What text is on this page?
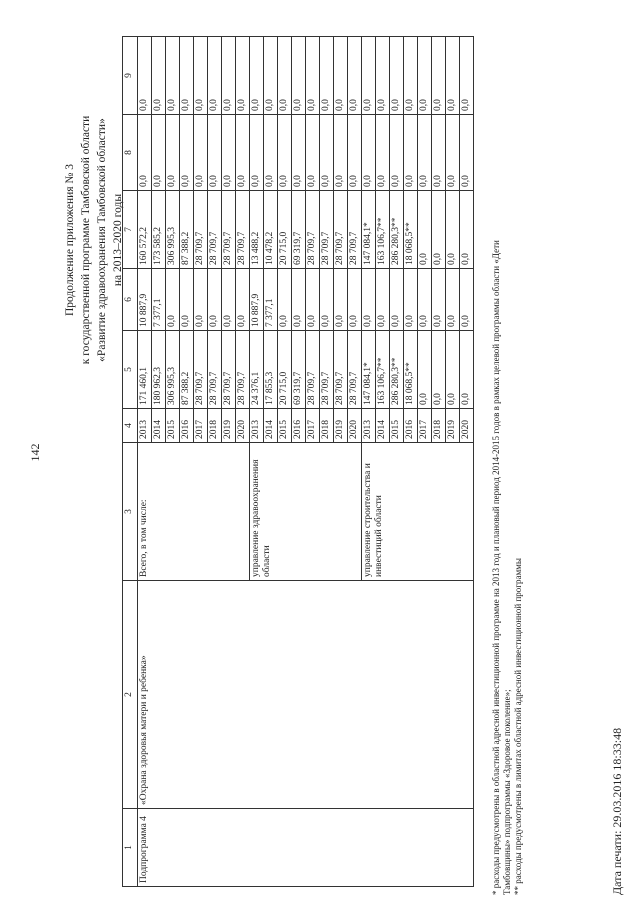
142
Продолжение приложения № 3 к государственной программе Тамбовской области «Развитие здравоохранения Тамбовской области» на 2013–2020 годы
1	2	3	4	5	6	7	8	9
Подпрограмма 4	«Охрана здоровья матери и ребенка»	Всего, в том числе:	2013	171 460,1	10 887,9	160 572,2	0,0	0,0
			2014	180 962,3	7 377,1	173 585,2	0,0	0,0
			2015	306 995,3	0,0	306 995,3	0,0	0,0
			2016	87 388,2	0,0	87 388,2	0,0	0,0
			2017	28 709,7	0,0	28 709,7	0,0	0,0
			2018	28 709,7	0,0	28 709,7	0,0	0,0
			2019	28 709,7	0,0	28 709,7	0,0	0,0
			2020	28 709,7	0,0	28 709,7	0,0	0,0
		управление здравоохранения области	2013	24 376,1	10 887,9	13 488,2	0,0	0,0
			2014	17 855,3	7 377,1	10 478,2	0,0	0,0
			2015	20 715,0	0,0	20 715,0	0,0	0,0
			2016	69 319,7	0,0	69 319,7	0,0	0,0
			2017	28 709,7	0,0	28 709,7	0,0	0,0
			2018	28 709,7	0,0	28 709,7	0,0	0,0
			2019	28 709,7	0,0	28 709,7	0,0	0,0
			2020	28 709,7	0,0	28 709,7	0,0	0,0
		управление строительства и инвестиций области	2013	147 084,1*	0,0	147 084,1*	0,0	0,0
			2014	163 106,7**	0,0	163 106,7**	0,0	0,0
			2015	286 280,3**	0,0	286 280,3**	0,0	0,0
			2016	18 068,5**	0,0	18 068,5**	0,0	0,0
			2017	0,0	0,0	0,0	0,0	0,0
			2018	0,0	0,0	0,0	0,0	0,0
			2019	0,0	0,0	0,0	0,0	0,0
			2020	0,0	0,0	0,0	0,0	0,0
* расходы предусмотрены в областной адресной инвестиционной программе на 2013 год и плановый период 2014-2015 годов в рамках целевой программы области «Дети Тамбовщины» подпрограммы «Здоровое поколение»; ** расходы предусмотрены в лимитах областной адресной инвестиционной программы	Дата печати: 29.03.2016 18:33:48
